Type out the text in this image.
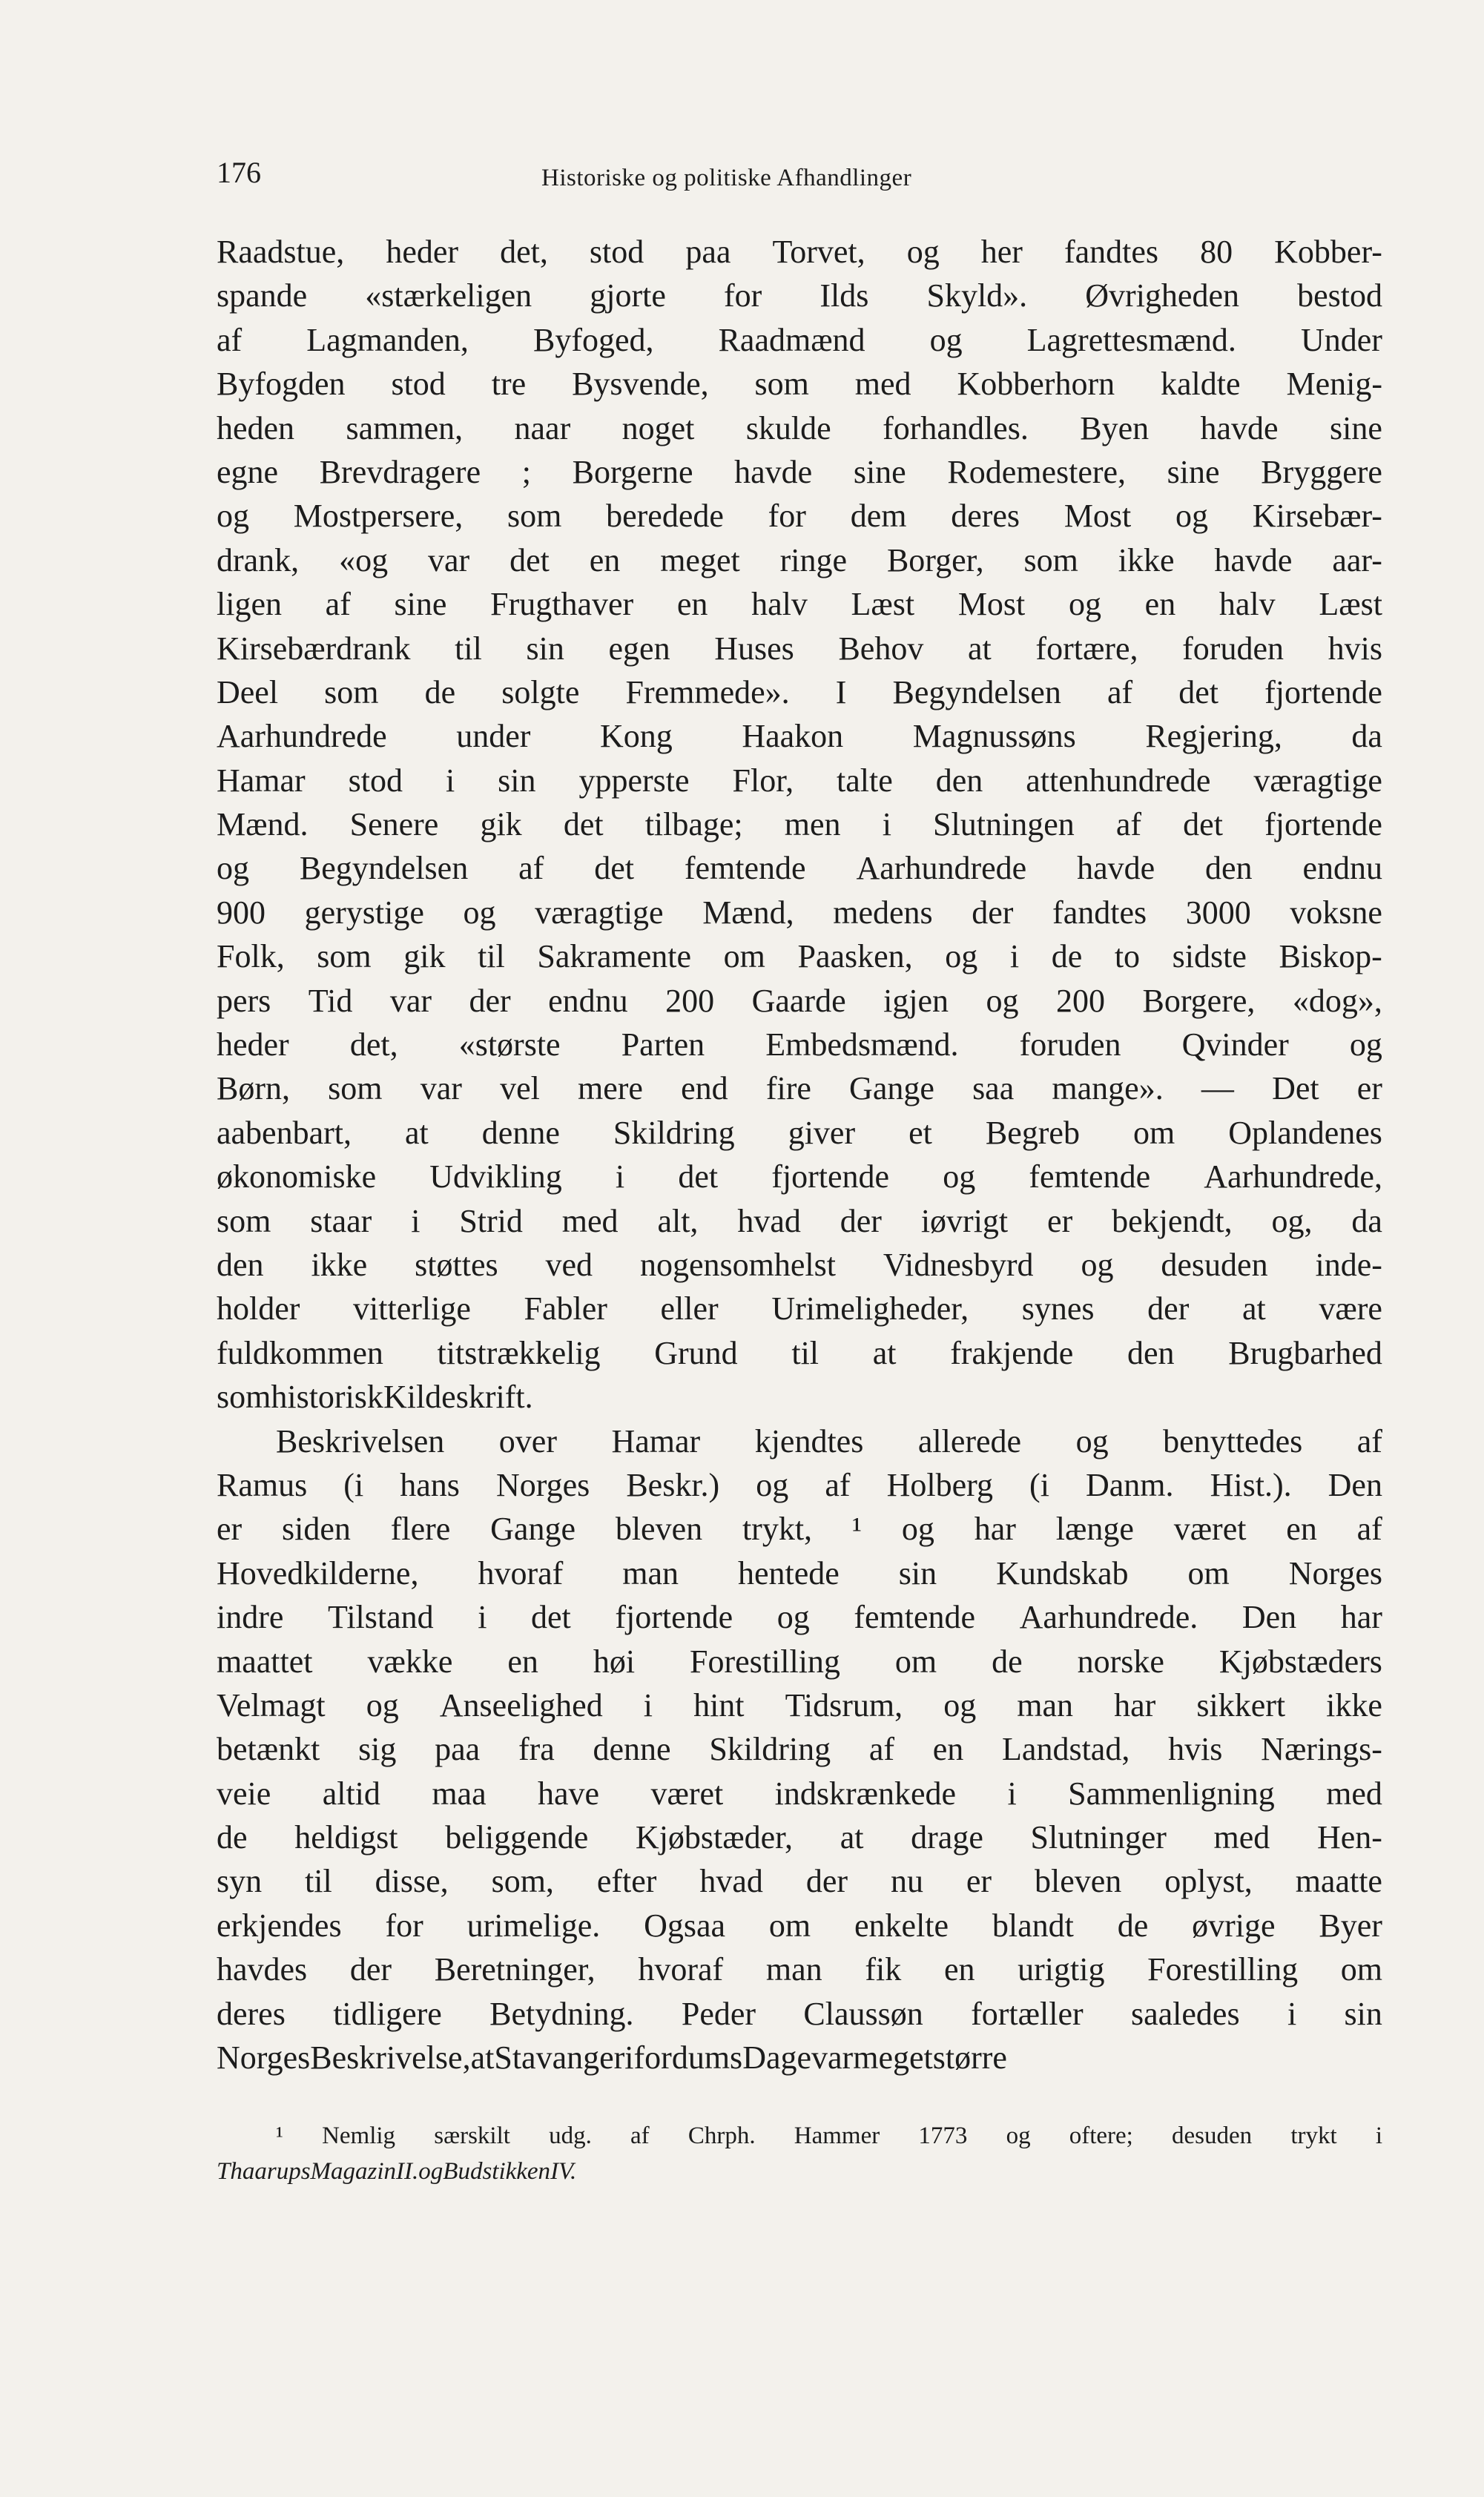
176	Historiske og politiske Afhandlinger
Raadstue, heder det, stod paa Torvet, og her fandtes 80 Kobber-
spande «stærkeligen gjorte for Ilds Skyld». Øvrigheden bestod
af Lagmanden, Byfoged, Raadmænd og Lagrettesmænd. Under
Byfogden stod tre Bysvende, som med Kobberhorn kaldte Menig-
heden sammen, naar noget skulde forhandles. Byen havde sine
egne Brevdragere ; Borgerne havde sine Rodemestere, sine Bryggere
og Mostpersere, som beredede for dem deres Most og Kirsebær-
drank, «og var det en meget ringe Borger, som ikke havde aar-
ligen af sine Frugthaver en halv Læst Most og en halv Læst
Kirsebærdrank til sin egen Huses Behov at fortære, foruden hvis
Deel som de solgte Fremmede». I Begyndelsen af det fjortende
Aarhundrede under Kong Haakon Magnussøns Regjering, da
Hamar stod i sin ypperste Flor, talte den attenhundrede væragtige
Mænd. Senere gik det tilbage; men i Slutningen af det fjortende
og Begyndelsen af det femtende Aarhundrede havde den endnu
900 gerystige og væragtige Mænd, medens der fandtes 3000 voksne
Folk, som gik til Sakramente om Paasken, og i de to sidste Biskop-
pers Tid var der endnu 200 Gaarde igjen og 200 Borgere, «dog»,
heder det, «største Parten Embedsmænd. foruden Qvinder og
Børn, som var vel mere end fire Gange saa mange». — Det er
aabenbart, at denne Skildring giver et Begreb om Oplandenes
økonomiske Udvikling i det fjortende og femtende Aarhundrede,
som staar i Strid med alt, hvad der iøvrigt er bekjendt, og, da
den ikke støttes ved nogensomhelst Vidnesbyrd og desuden inde-
holder vitterlige Fabler eller Urimeligheder, synes der at være
fuldkommen titstrækkelig Grund til at frakjende den Brugbarhed
som historisk Kildeskrift.
Beskrivelsen over Hamar kjendtes allerede og benyttedes af
Ramus (i hans Norges Beskr.) og af Holberg (i Danm. Hist.). Den
er siden flere Gange bleven trykt, ¹ og har længe været en af
Hovedkilderne, hvoraf man hentede sin Kundskab om Norges
indre Tilstand i det fjortende og femtende Aarhundrede. Den har
maattet vække en høi Forestilling om de norske Kjøbstæders
Velmagt og Anseelighed i hint Tidsrum, og man har sikkert ikke
betænkt sig paa fra denne Skildring af en Landstad, hvis Nærings-
veie altid maa have været indskrænkede i Sammenligning med
de heldigst beliggende Kjøbstæder, at drage Slutninger med Hen-
syn til disse, som, efter hvad der nu er bleven oplyst, maatte
erkjendes for urimelige. Ogsaa om enkelte blandt de øvrige Byer
havdes der Beretninger, hvoraf man fik en urigtig Forestilling om
deres tidligere Betydning. Peder Claussøn fortæller saaledes i sin
Norges Beskrivelse, at Stavanger i fordums Dage var meget større
¹ Nemlig særskilt udg. af Chrph. Hammer 1773 og oftere; desuden trykt i
Thaarups Magazin II. og Budstikken IV.
